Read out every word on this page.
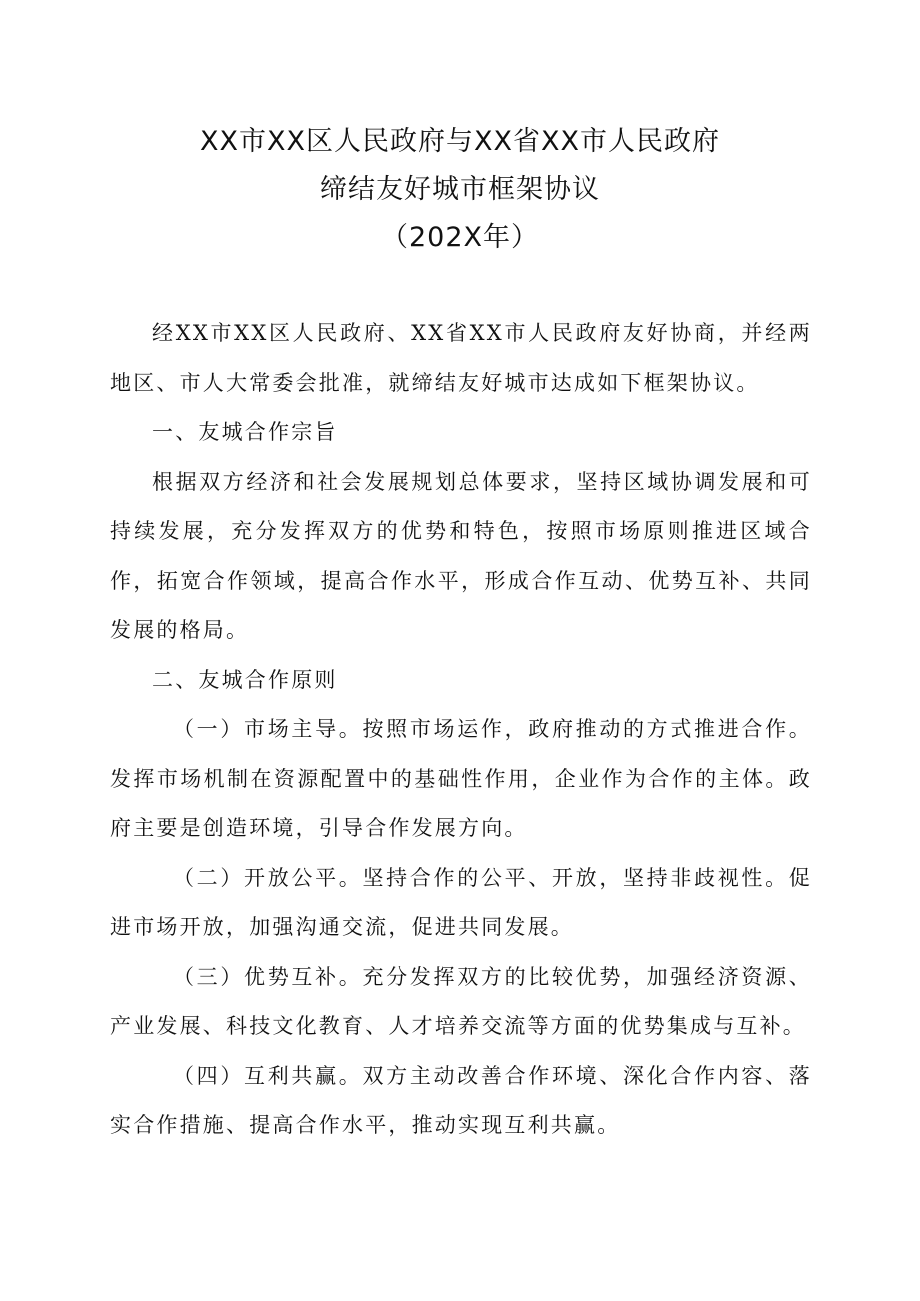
XX市XX区人民政府与XX省XX市人民政府
缔结友好城市框架协议
（202X年）

经XX市XX区人民政府、XX省XX市人民政府友好协商，并经两地区、市人大常委会批准，就缔结友好城市达成如下框架协议。

一、友城合作宗旨

根据双方经济和社会发展规划总体要求，坚持区域协调发展和可持续发展，充分发挥双方的优势和特色，按照市场原则推进区域合作，拓宽合作领域，提高合作水平，形成合作互动、优势互补、共同发展的格局。

二、友城合作原则

（一）市场主导。按照市场运作，政府推动的方式推进合作。发挥市场机制在资源配置中的基础性作用，企业作为合作的主体。政府主要是创造环境，引导合作发展方向。

（二）开放公平。坚持合作的公平、开放，坚持非歧视性。促进市场开放，加强沟通交流，促进共同发展。

（三）优势互补。充分发挥双方的比较优势，加强经济资源、产业发展、科技文化教育、人才培养交流等方面的优势集成与互补。

（四）互利共赢。双方主动改善合作环境、深化合作内容、落实合作措施、提高合作水平，推动实现互利共赢。
